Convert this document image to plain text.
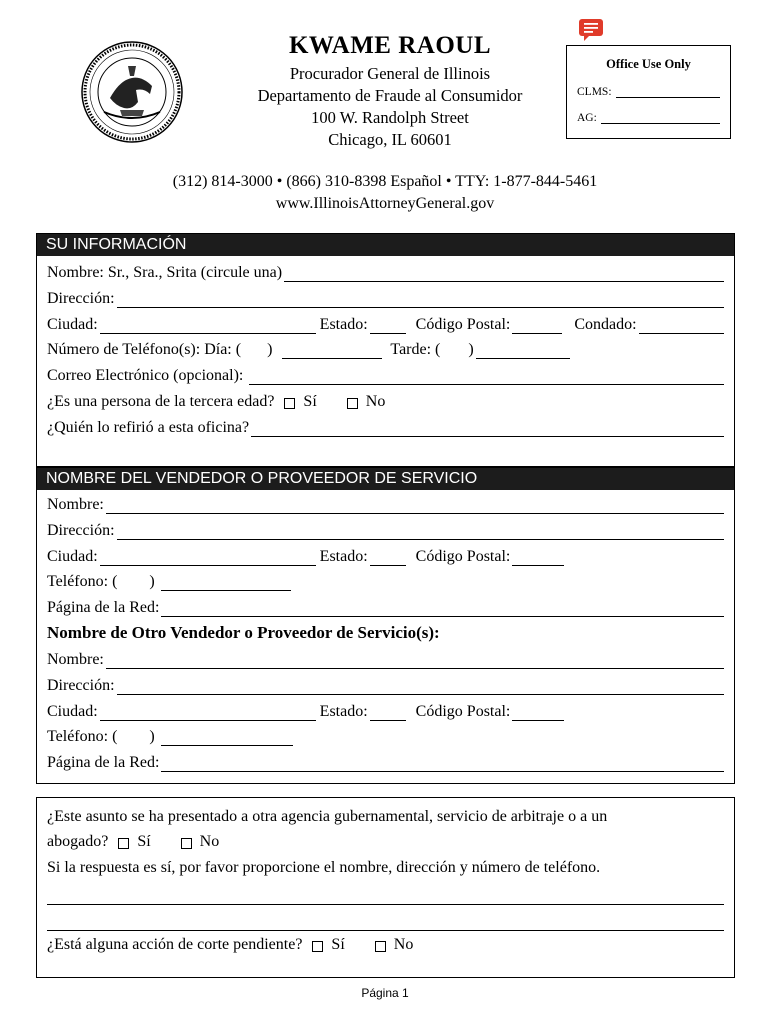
KWAME RAOUL
Procurador General de Illinois
Departamento de Fraude al Consumidor
100 W. Randolph Street
Chicago, IL 60601
(312) 814-3000 • (866) 310-8398 Español • TTY: 1-877-844-5461
www.IllinoisAttorneyGeneral.gov
Office Use Only
CLMS:
AG:
SU INFORMACIÓN
Nombre: Sr., Sra., Srita (circule una)
Dirección:
Ciudad:	Estado:	Código Postal:	Condado:
Número de Teléfono(s): Día: ( )	Tarde: ( )
Correo Electrónico (opcional):
¿Es una persona de la tercera edad? Sí	No
¿Quién lo refirió a esta oficina?
NOMBRE DEL VENDEDOR O PROVEEDOR DE SERVICIO
Nombre:
Dirección:
Ciudad:	Estado:	Código Postal:
Teléfono: ( )
Página de la Red:
Nombre de Otro Vendedor o Proveedor de Servicio(s):
Nombre:
Dirección:
Ciudad:	Estado:	Código Postal:
Teléfono: ( )
Página de la Red:
¿Este asunto se ha presentado a otra agencia gubernamental, servicio de arbitraje o a un
abogado? Sí	No
Si la respuesta es sí, por favor proporcione el nombre, dirección y número de teléfono.
¿Está alguna acción de corte pendiente? Sí	No
Página 1
